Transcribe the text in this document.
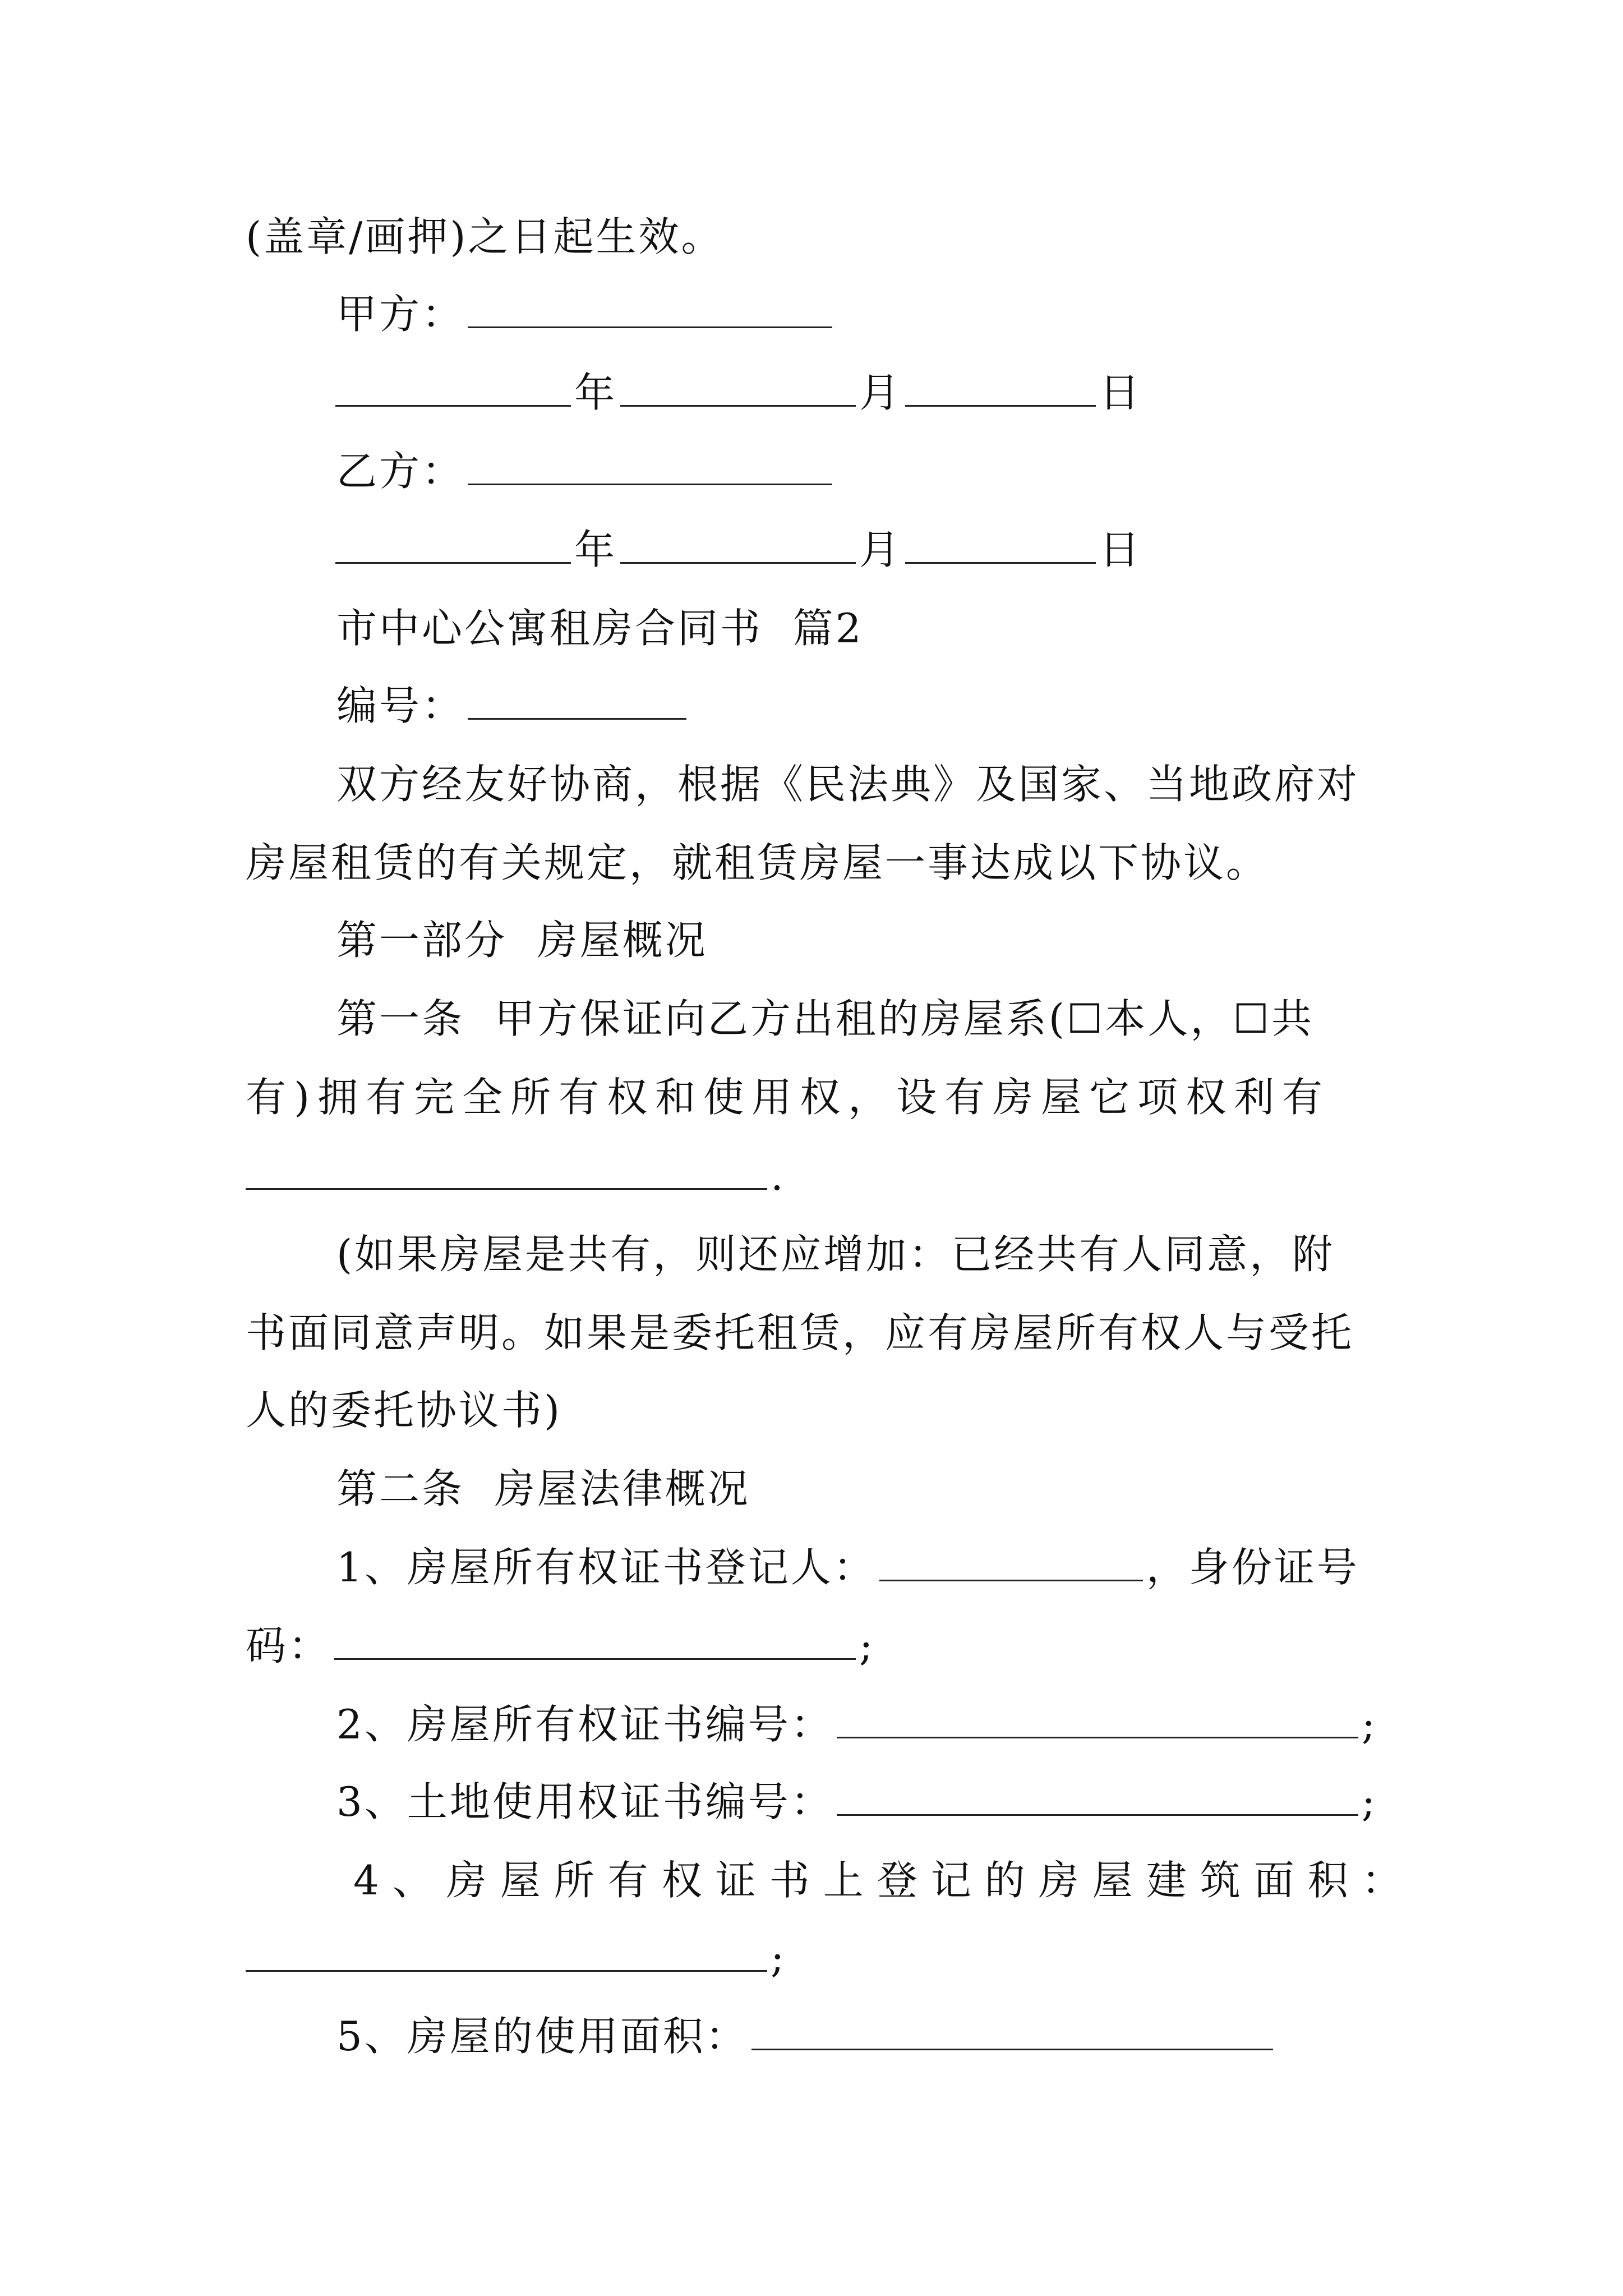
(盖章/画押)之日起生效。
甲方：
年	月	日
乙方：
年	月	日
市中心公寓租房合同书  篇2
编号：
双方经友好协商，根据《民法典》及国家、当地政府对
房屋租赁的有关规定，就租赁房屋一事达成以下协议。
第一部分  房屋概况
第一条  甲方保证向乙方出租的房屋系(☐本人，☐共
有)拥有完全所有权和使用权，设有房屋它项权利有
.
(如果房屋是共有，则还应增加：已经共有人同意，附
书面同意声明。如果是委托租赁，应有房屋所有权人与受托
人的委托协议书)
第二条  房屋法律概况
1、房屋所有权证书登记人：	，身份证号
码：	;
2、房屋所有权证书编号：	;
3、土地使用权证书编号：	;
4、房屋所有权证书上登记的房屋建筑面积：
;
5、房屋的使用面积：
